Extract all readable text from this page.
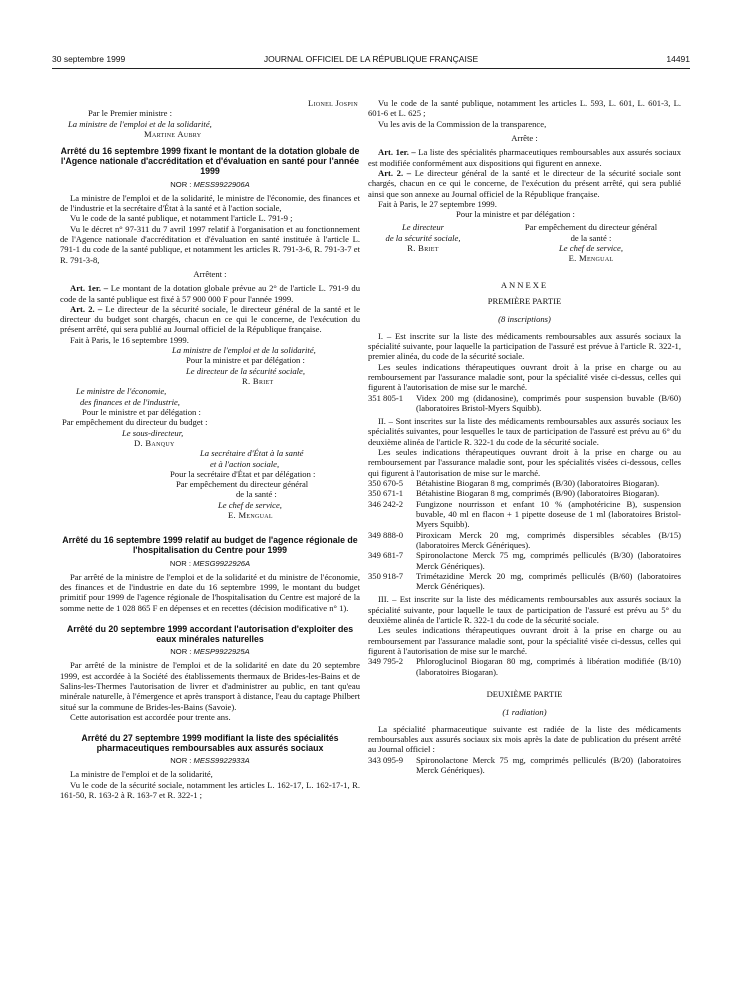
30 septembre 1999	JOURNAL OFFICIEL DE LA RÉPUBLIQUE FRANÇAISE	14491

Lionel Jospin

Par le Premier ministre :

La ministre de l'emploi et de la solidarité,

Martine Aubry

Arrêté du 16 septembre 1999 fixant le montant de la dotation globale de l'Agence nationale d'accréditation et d'évaluation en santé pour l'année 1999
NOR : MESS9922906A

La ministre de l'emploi et de la solidarité, le ministre de l'économie, des finances et de l'industrie et la secrétaire d'État à la santé et à l'action sociale,

Vu le code de la santé publique, et notamment l'article L. 791-9 ;

Vu le décret n° 97-311 du 7 avril 1997 relatif à l'organisation et au fonctionnement de l'Agence nationale d'accréditation et d'évaluation en santé instituée à l'article L. 791-1 du code de la santé publique, et notamment les articles R. 791-3-6, R. 791-3-7 et R. 791-3-8,

Arrêtent :

Art. 1er. – Le montant de la dotation globale prévue au 2° de l'article L. 791-9 du code de la santé publique est fixé à 57 900 000 F pour l'année 1999.

Art. 2. – Le directeur de la sécurité sociale, le directeur général de la santé et le directeur du budget sont chargés, chacun en ce qui le concerne, de l'exécution du présent arrêté, qui sera publié au Journal officiel de la République française.

Fait à Paris, le 16 septembre 1999.

La ministre de l'emploi et de la solidarité,

Pour la ministre et par délégation :

Le directeur de la sécurité sociale,

R. Briet

Le ministre de l'économie,

des finances et de l'industrie,

Pour le ministre et par délégation :

Par empêchement du directeur du budget :

Le sous-directeur,

D. Banquy

La secrétaire d'État à la santé

et à l'action sociale,

Pour la secrétaire d'État et par délégation :

Par empêchement du directeur général

de la santé :

Le chef de service,

E. Mengual

Arrêté du 16 septembre 1999 relatif au budget de l'agence régionale de l'hospitalisation du Centre pour 1999
NOR : MESG9922926A

Par arrêté de la ministre de l'emploi et de la solidarité et du ministre de l'économie, des finances et de l'industrie en date du 16 septembre 1999, le montant du budget primitif pour 1999 de l'agence régionale de l'hospitalisation du Centre est majoré de la somme nette de 1 028 865 F en dépenses et en recettes (décision modificative n° 1).

Arrêté du 20 septembre 1999 accordant l'autorisation d'exploiter des eaux minérales naturelles
NOR : MESP9922925A

Par arrêté de la ministre de l'emploi et de la solidarité en date du 20 septembre 1999, est accordée à la Société des établissements thermaux de Brides-les-Bains et de Salins-les-Thermes l'autorisation de livrer et d'administrer au public, en tant qu'eau minérale naturelle, à l'émergence et après transport à distance, l'eau du captage Philbert situé sur la commune de Brides-les-Bains (Savoie).

Cette autorisation est accordée pour trente ans.

Arrêté du 27 septembre 1999 modifiant la liste des spécialités pharmaceutiques remboursables aux assurés sociaux
NOR : MESS9922933A

La ministre de l'emploi et de la solidarité,

Vu le code de la sécurité sociale, notamment les articles L. 162-17, L. 162-17-1, R. 161-50, R. 163-2 à R. 163-7 et R. 322-1 ;

Vu le code de la santé publique, notamment les articles L. 593, L. 601, L. 601-3, L. 601-6 et L. 625 ;

Vu les avis de la Commission de la transparence,

Arrête :

Art. 1er. – La liste des spécialités pharmaceutiques remboursables aux assurés sociaux est modifiée conformément aux dispositions qui figurent en annexe.

Art. 2. – Le directeur général de la santé et le directeur de la sécurité sociale sont chargés, chacun en ce qui le concerne, de l'exécution du présent arrêté, qui sera publié ainsi que son annexe au Journal officiel de la République française.

Fait à Paris, le 27 septembre 1999.

Pour la ministre et par délégation :

Le directeur

de la sécurité sociale,

R. Briet

Par empêchement du directeur général

de la santé :

Le chef de service,

E. Mengual

ANNEXE

PREMIÈRE PARTIE

(8 inscriptions)

I. – Est inscrite sur la liste des médicaments remboursables aux assurés sociaux la spécialité suivante, pour laquelle la participation de l'assuré est prévue à l'article R. 322-1, premier alinéa, du code de la sécurité sociale.

Les seules indications thérapeutiques ouvrant droit à la prise en charge ou au remboursement par l'assurance maladie sont, pour la spécialité visée ci-dessus, celles qui figurent à l'autorisation de mise sur le marché.

351 805-1	Videx 200 mg (didanosine), comprimés pour suspension buvable (B/60) (laboratoires Bristol-Myers Squibb).

II. – Sont inscrites sur la liste des médicaments remboursables aux assurés sociaux les spécialités suivantes, pour lesquelles le taux de participation de l'assuré est prévu au 6° du deuxième alinéa de l'article R. 322-1 du code de la sécurité sociale.

Les seules indications thérapeutiques ouvrant droit à la prise en charge ou au remboursement par l'assurance maladie sont, pour les spécialités visées ci-dessous, celles qui figurent à l'autorisation de mise sur le marché.

350 670-5	Bétahistine Biogaran 8 mg, comprimés (B/30) (laboratoires Biogaran).
350 671-1	Bétahistine Biogaran 8 mg, comprimés (B/90) (laboratoires Biogaran).
346 242-2	Fungizone nourrisson et enfant 10 % (amphotéricine B), suspension buvable, 40 ml en flacon + 1 pipette doseuse de 1 ml (laboratoires Bristol-Myers Squibb).
349 888-0	Piroxicam Merck 20 mg, comprimés dispersibles sécables (B/15) (laboratoires Merck Génériques).
349 681-7	Spironolactone Merck 75 mg, comprimés pelliculés (B/30) (laboratoires Merck Génériques).
350 918-7	Trimétazidine Merck 20 mg, comprimés pelliculés (B/60) (laboratoires Merck Génériques).

III. – Est inscrite sur la liste des médicaments remboursables aux assurés sociaux la spécialité suivante, pour laquelle le taux de participation de l'assuré est prévu au 5° du deuxième alinéa de l'article R. 322-1 du code de la sécurité sociale.

Les seules indications thérapeutiques ouvrant droit à la prise en charge ou au remboursement par l'assurance maladie sont, pour la spécialité visée ci-dessus, celles qui figurent à l'autorisation de mise sur le marché.

349 795-2	Phloroglucinol Biogaran 80 mg, comprimés à libération modifiée (B/10) (laboratoires Biogaran).

DEUXIÈME PARTIE

(1 radiation)

La spécialité pharmaceutique suivante est radiée de la liste des médicaments remboursables aux assurés sociaux six mois après la date de publication du présent arrêté au Journal officiel :

343 095-9	Spironolactone Merck 75 mg, comprimés pelliculés (B/20) (laboratoires Merck Génériques).
